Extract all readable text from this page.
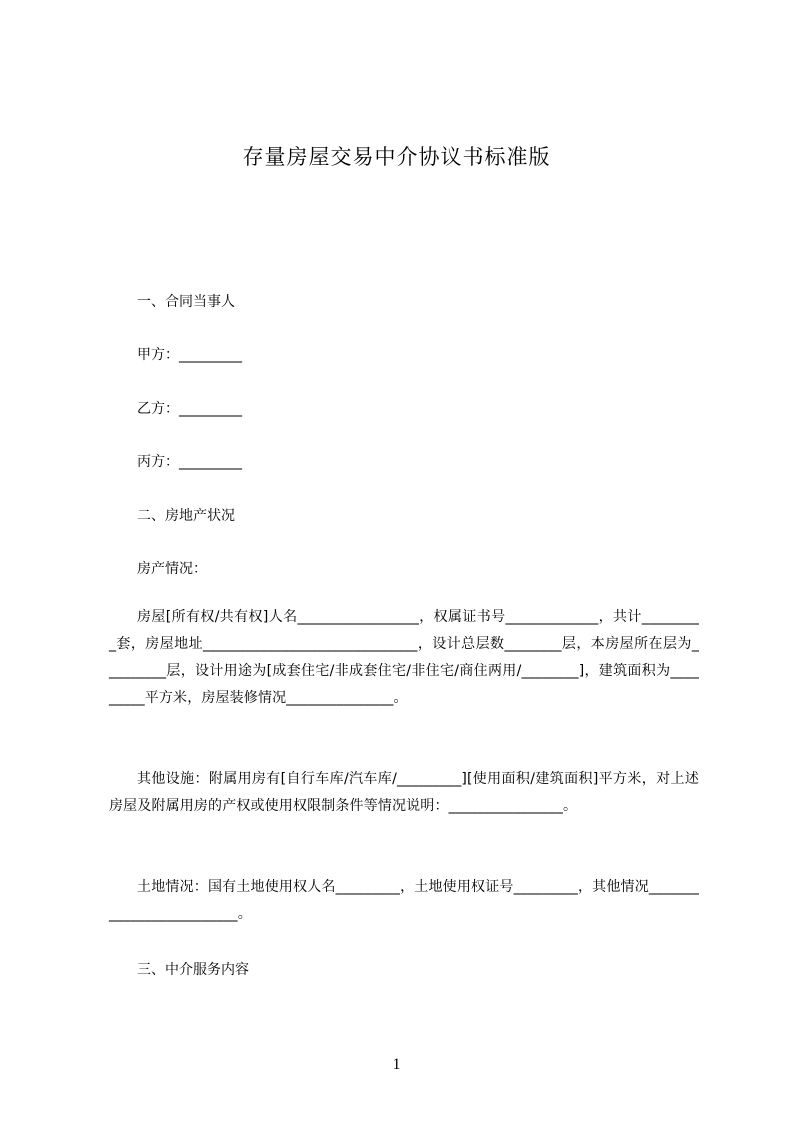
存量房屋交易中介协议书标准版
一、合同当事人
甲方：_________
乙方：_________
丙方：_________
二、房地产状况
房产情况：
房屋[所有权/共有权]人名_________________，权属证书号_____________，共计_________套，房屋地址______________________________，设计总层数________层，本房屋所在层为_________层，设计用途为[成套住宅/非成套住宅/非住宅/商住两用/________]，建筑面积为_________平方米，房屋装修情况_______________。
其他设施：附属用房有[自行车库/汽车库/_________][使用面积/建筑面积]平方米，对上述房屋及附属用房的产权或使用权限制条件等情况说明：________________。
土地情况：国有土地使用权人名_________，土地使用权证号_________，其他情况_________________________。
三、中介服务内容
1
